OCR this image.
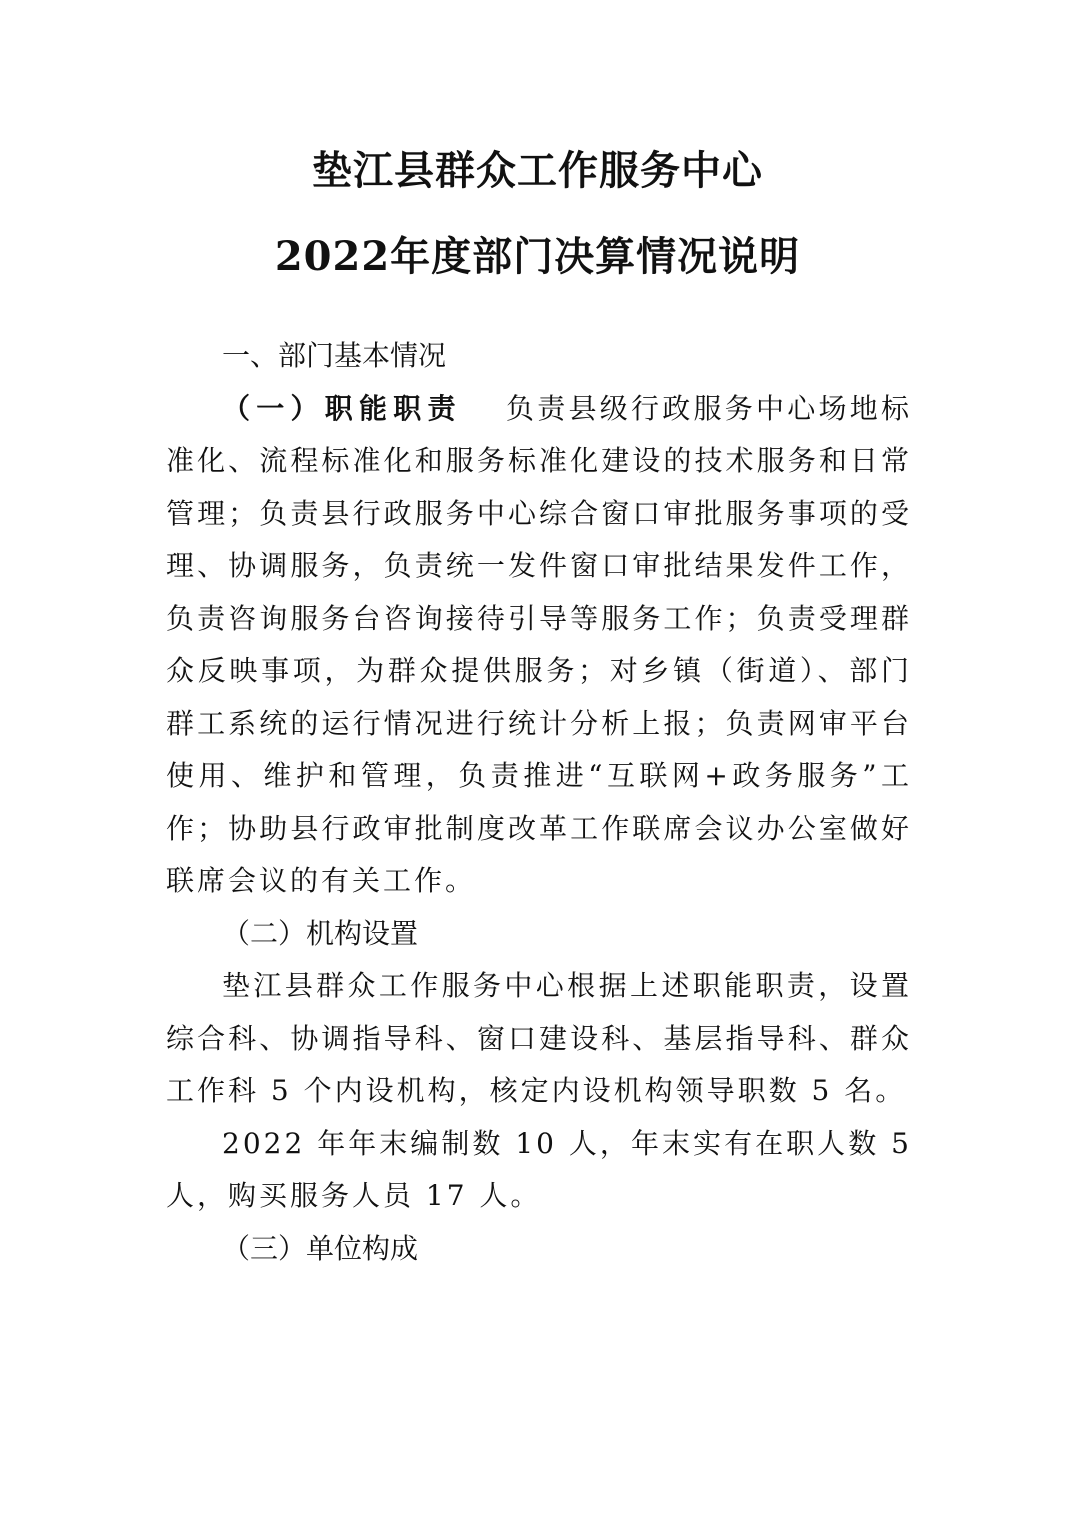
垫江县群众工作服务中心
2022年度部门决算情况说明

一、部门基本情况

（一）职能职责 负责县级行政服务中心场地标准化、流程标准化和服务标准化建设的技术服务和日常管理；负责县行政服务中心综合窗口审批服务事项的受理、协调服务，负责统一发件窗口审批结果发件工作，负责咨询服务台咨询接待引导等服务工作；负责受理群众反映事项，为群众提供服务；对乡镇（街道）、部门群工系统的运行情况进行统计分析上报；负责网审平台使用、维护和管理，负责推进“互联网+政务服务”工作；协助县行政审批制度改革工作联席会议办公室做好联席会议的有关工作。

（二）机构设置

垫江县群众工作服务中心根据上述职能职责，设置综合科、协调指导科、窗口建设科、基层指导科、群众工作科 5 个内设机构，核定内设机构领导职数 5 名。

2022 年年末编制数 10 人，年末实有在职人数 5 人，购买服务人员 17 人。

（三）单位构成
